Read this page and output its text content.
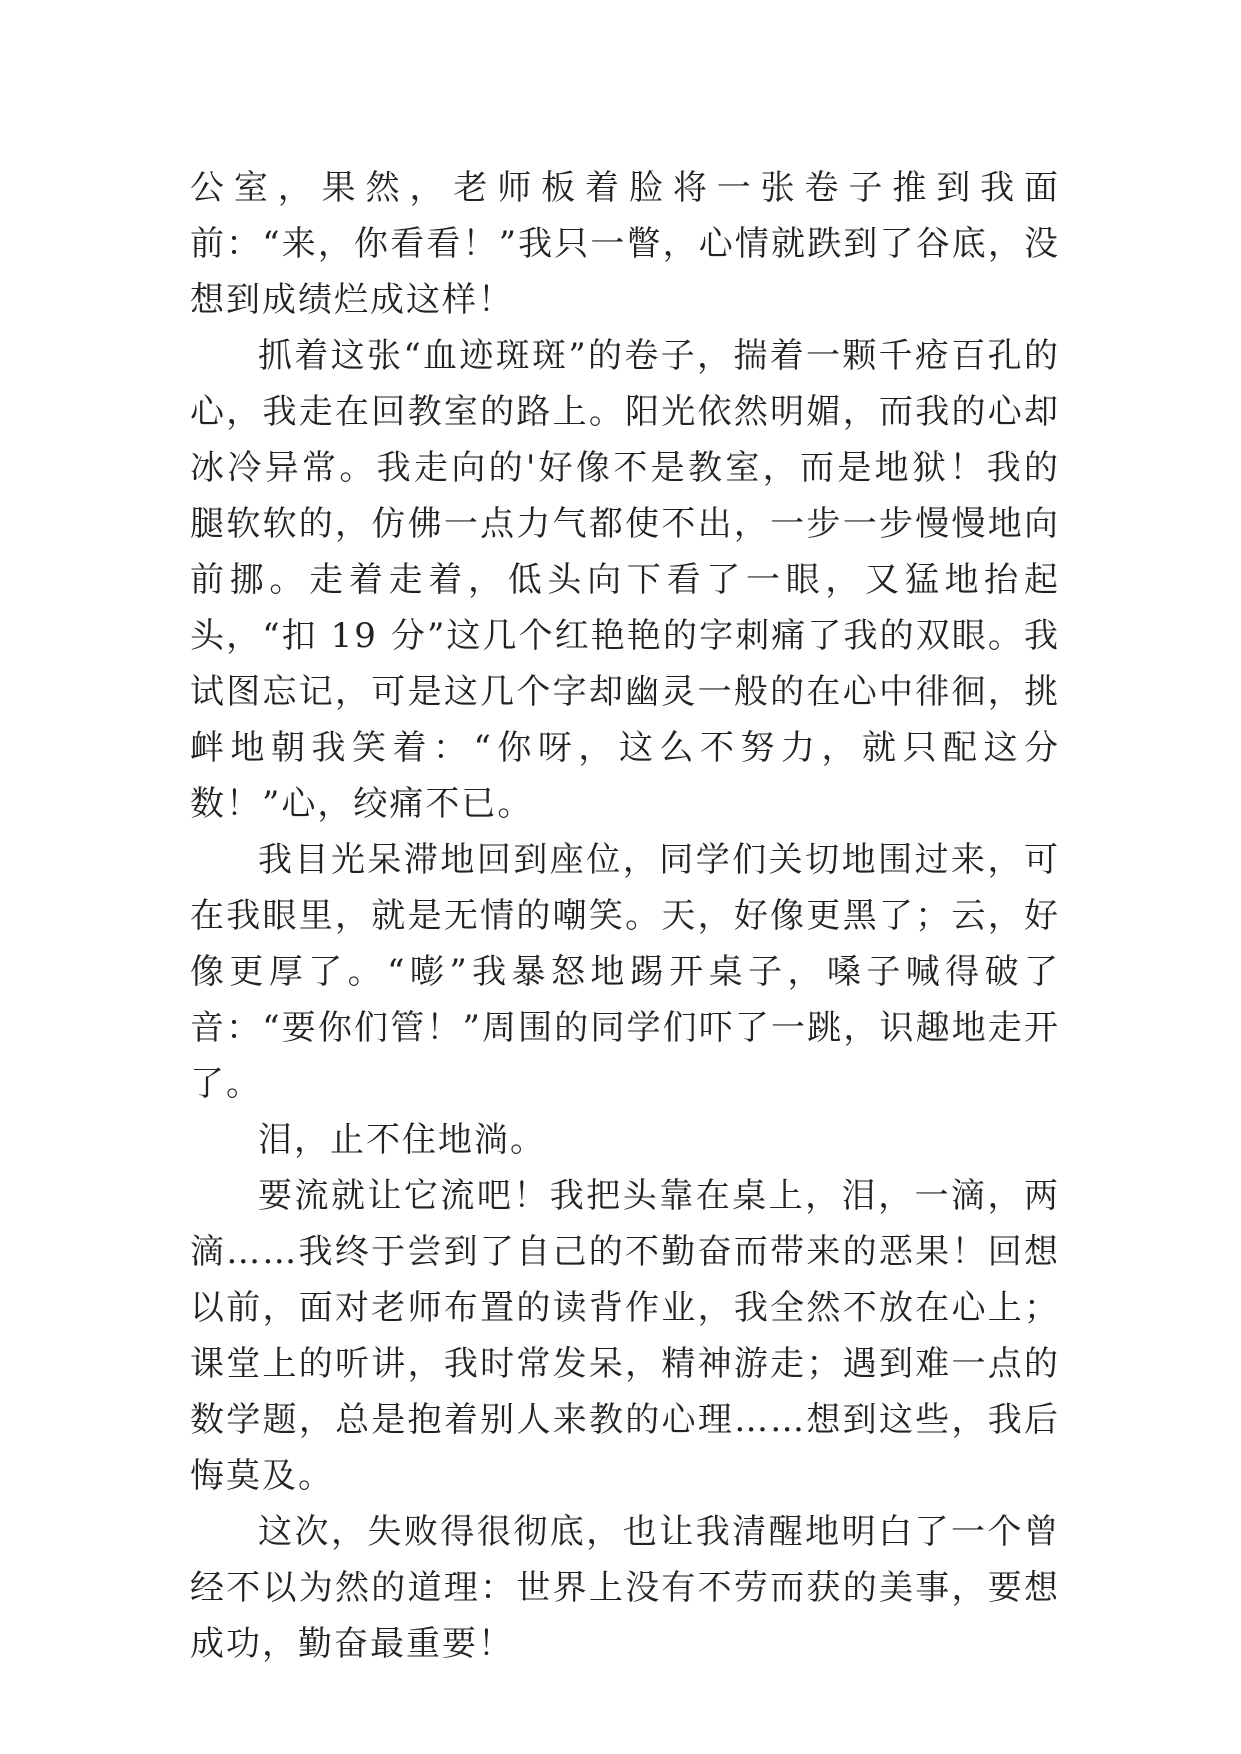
公室，果然，老师板着脸将一张卷子推到我面前：“来，你看看！”我只一瞥，心情就跌到了谷底，没想到成绩烂成这样！

抓着这张“血迹斑斑”的卷子，揣着一颗千疮百孔的心，我走在回教室的路上。阳光依然明媚，而我的心却冰冷异常。我走向的'好像不是教室，而是地狱！我的腿软软的，仿佛一点力气都使不出，一步一步慢慢地向前挪。走着走着，低头向下看了一眼，又猛地抬起头，“扣 19 分”这几个红艳艳的字刺痛了我的双眼。我试图忘记，可是这几个字却幽灵一般的在心中徘徊，挑衅地朝我笑着：“你呀，这么不努力，就只配这分数！”心，绞痛不已。

我目光呆滞地回到座位，同学们关切地围过来，可在我眼里，就是无情的嘲笑。天，好像更黑了；云，好像更厚了。“嘭”我暴怒地踢开桌子，嗓子喊得破了音：“要你们管！”周围的同学们吓了一跳，识趣地走开了。

泪，止不住地淌。

要流就让它流吧！我把头靠在桌上，泪，一滴，两滴……我终于尝到了自己的不勤奋而带来的恶果！回想以前，面对老师布置的读背作业，我全然不放在心上；课堂上的听讲，我时常发呆，精神游走；遇到难一点的数学题，总是抱着别人来教的心理……想到这些，我后悔莫及。

这次，失败得很彻底，也让我清醒地明白了一个曾经不以为然的道理：世界上没有不劳而获的美事，要想成功，勤奋最重要！
